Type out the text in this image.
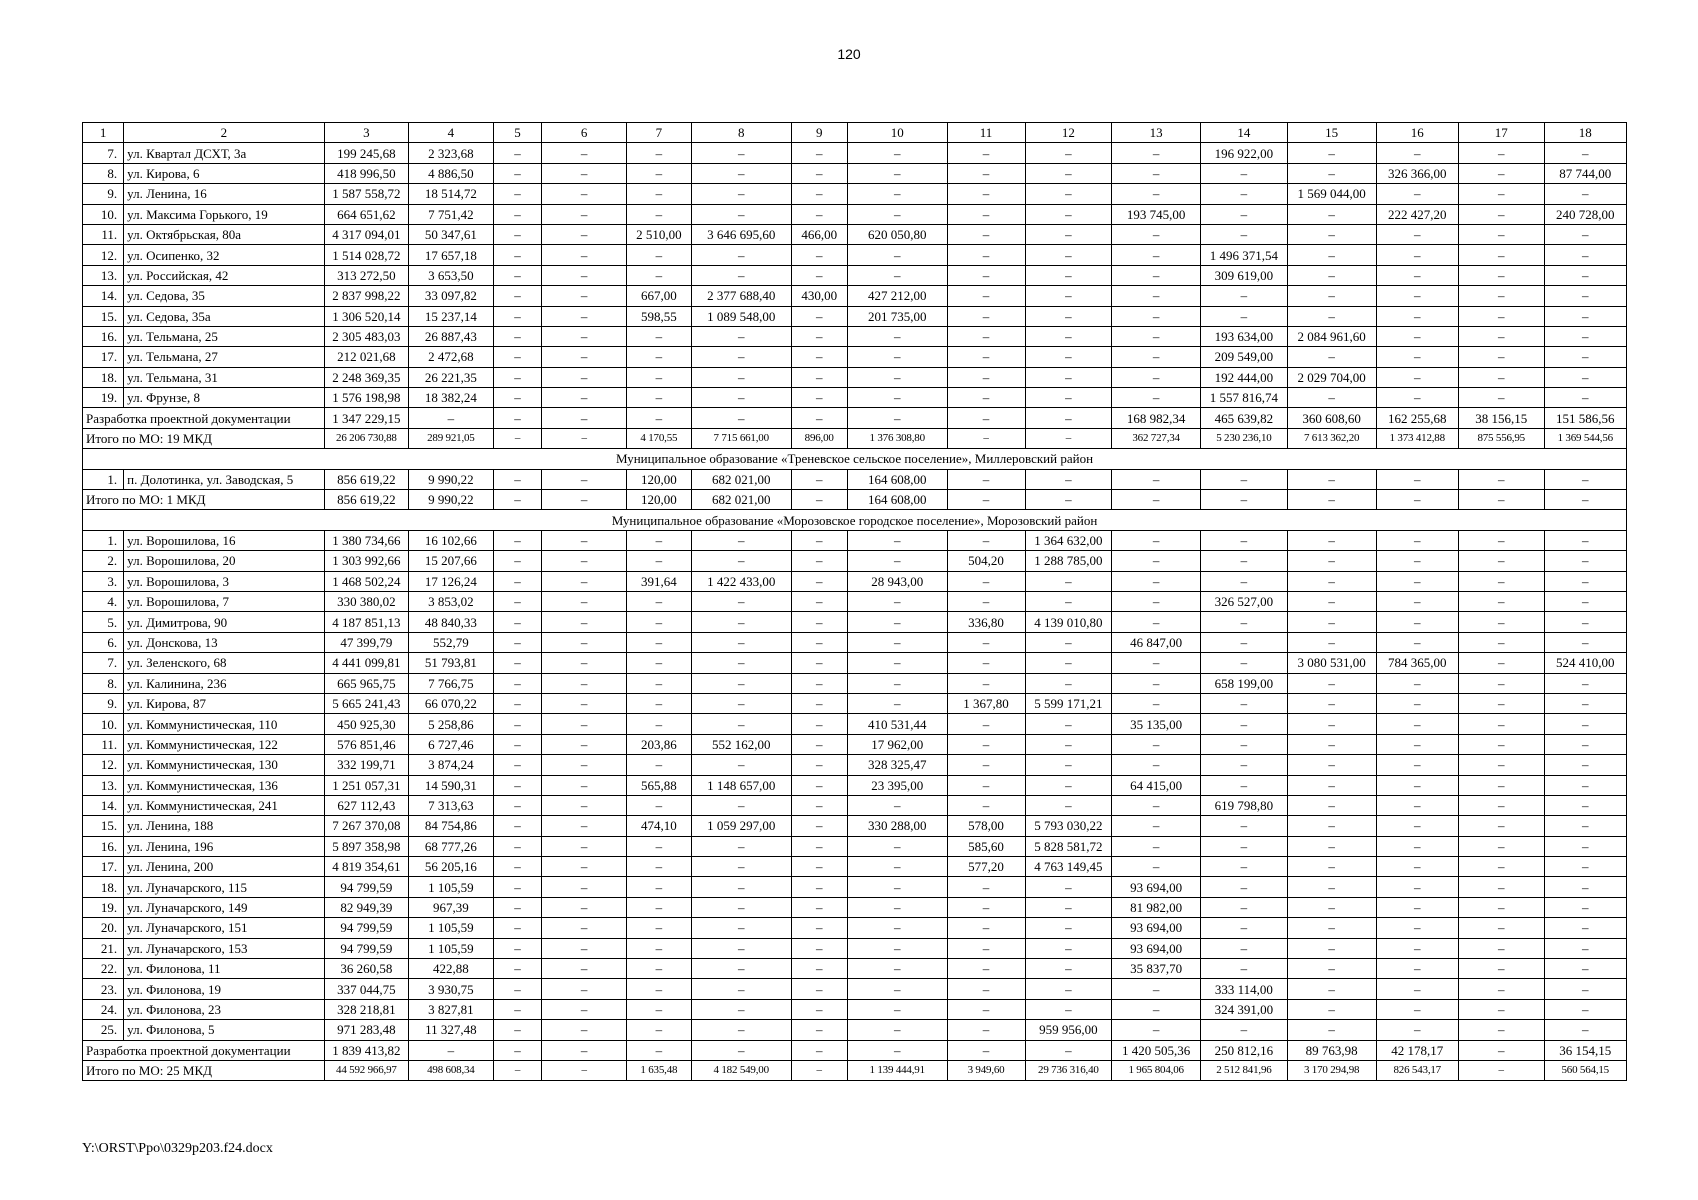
120
1	2	3	4	5	6	7	8	9	10	11	12	13	14	15	16	17	18
7.	ул. Квартал ДСХТ, 3а	199 245,68	2 323,68	–	–	–	–	–	–	–	–	–	196 922,00	–	–	–	–
8.	ул. Кирова, 6	418 996,50	4 886,50	–	–	–	–	–	–	–	–	–	–	–	326 366,00	–	87 744,00
9.	ул. Ленина, 16	1 587 558,72	18 514,72	–	–	–	–	–	–	–	–	–	–	1 569 044,00	–	–	–
10.	ул. Максима Горького, 19	664 651,62	7 751,42	–	–	–	–	–	–	–	–	193 745,00	–	–	222 427,20	–	240 728,00
11.	ул. Октябрьская, 80а	4 317 094,01	50 347,61	–	–	2 510,00	3 646 695,60	466,00	620 050,80	–	–	–	–	–	–	–	–
12.	ул. Осипенко, 32	1 514 028,72	17 657,18	–	–	–	–	–	–	–	–	–	1 496 371,54	–	–	–	–
13.	ул. Российская, 42	313 272,50	3 653,50	–	–	–	–	–	–	–	–	–	309 619,00	–	–	–	–
14.	ул. Седова, 35	2 837 998,22	33 097,82	–	–	667,00	2 377 688,40	430,00	427 212,00	–	–	–	–	–	–	–	–
15.	ул. Седова, 35а	1 306 520,14	15 237,14	–	–	598,55	1 089 548,00	–	201 735,00	–	–	–	–	–	–	–	–
16.	ул. Тельмана, 25	2 305 483,03	26 887,43	–	–	–	–	–	–	–	–	–	193 634,00	2 084 961,60	–	–	–
17.	ул. Тельмана, 27	212 021,68	2 472,68	–	–	–	–	–	–	–	–	–	209 549,00	–	–	–	–
18.	ул. Тельмана, 31	2 248 369,35	26 221,35	–	–	–	–	–	–	–	–	–	192 444,00	2 029 704,00	–	–	–
19.	ул. Фрунзе, 8	1 576 198,98	18 382,24	–	–	–	–	–	–	–	–	–	1 557 816,74	–	–	–	–
Разработка проектной документации		1 347 229,15	–	–	–	–	–	–	–	–	–	168 982,34	465 639,82	360 608,60	162 255,68	38 156,15	151 586,56
Итого по МО: 19 МКД		26 206 730,88	289 921,05	–	–	4 170,55	7 715 661,00	896,00	1 376 308,80	–	–	362 727,34	5 230 236,10	7 613 362,20	1 373 412,88	875 556,95	1 369 544,56
Муниципальное образование «Треневское сельское поселение», Миллеровский район																	
1.	п. Долотинка, ул. Заводская, 5	856 619,22	9 990,22	–	–	120,00	682 021,00	–	164 608,00	–	–	–	–	–	–	–	–
Итого по МО: 1 МКД		856 619,22	9 990,22	–	–	120,00	682 021,00	–	164 608,00	–	–	–	–	–	–	–	–
Муниципальное образование «Морозовское городское поселение», Морозовский район																	
1.	ул. Ворошилова, 16	1 380 734,66	16 102,66	–	–	–	–	–	–	–	1 364 632,00	–	–	–	–	–	–
2.	ул. Ворошилова, 20	1 303 992,66	15 207,66	–	–	–	–	–	–	504,20	1 288 785,00	–	–	–	–	–	–
3.	ул. Ворошилова, 3	1 468 502,24	17 126,24	–	–	391,64	1 422 433,00	–	28 943,00	–	–	–	–	–	–	–	–
4.	ул. Ворошилова, 7	330 380,02	3 853,02	–	–	–	–	–	–	–	–	–	326 527,00	–	–	–	–
5.	ул. Димитрова, 90	4 187 851,13	48 840,33	–	–	–	–	–	–	336,80	4 139 010,80	–	–	–	–	–	–
6.	ул. Донскова, 13	47 399,79	552,79	–	–	–	–	–	–	–	–	46 847,00	–	–	–	–	–
7.	ул. Зеленского, 68	4 441 099,81	51 793,81	–	–	–	–	–	–	–	–	–	–	3 080 531,00	784 365,00	–	524 410,00
8.	ул. Калинина, 236	665 965,75	7 766,75	–	–	–	–	–	–	–	–	–	658 199,00	–	–	–	–
9.	ул. Кирова, 87	5 665 241,43	66 070,22	–	–	–	–	–	–	1 367,80	5 599 171,21	–	–	–	–	–	–
10.	ул. Коммунистическая, 110	450 925,30	5 258,86	–	–	–	–	–	410 531,44	–	–	35 135,00	–	–	–	–	–
11.	ул. Коммунистическая, 122	576 851,46	6 727,46	–	–	203,86	552 162,00	–	17 962,00	–	–	–	–	–	–	–	–
12.	ул. Коммунистическая, 130	332 199,71	3 874,24	–	–	–	–	–	328 325,47	–	–	–	–	–	–	–	–
13.	ул. Коммунистическая, 136	1 251 057,31	14 590,31	–	–	565,88	1 148 657,00	–	23 395,00	–	–	64 415,00	–	–	–	–	–
14.	ул. Коммунистическая, 241	627 112,43	7 313,63	–	–	–	–	–	–	–	–	–	619 798,80	–	–	–	–
15.	ул. Ленина, 188	7 267 370,08	84 754,86	–	–	474,10	1 059 297,00	–	330 288,00	578,00	5 793 030,22	–	–	–	–	–	–
16.	ул. Ленина, 196	5 897 358,98	68 777,26	–	–	–	–	–	–	585,60	5 828 581,72	–	–	–	–	–	–
17.	ул. Ленина, 200	4 819 354,61	56 205,16	–	–	–	–	–	–	577,20	4 763 149,45	–	–	–	–	–	–
18.	ул. Луначарского, 115	94 799,59	1 105,59	–	–	–	–	–	–	–	–	93 694,00	–	–	–	–	–
19.	ул. Луначарского, 149	82 949,39	967,39	–	–	–	–	–	–	–	–	81 982,00	–	–	–	–	–
20.	ул. Луначарского, 151	94 799,59	1 105,59	–	–	–	–	–	–	–	–	93 694,00	–	–	–	–	–
21.	ул. Луначарского, 153	94 799,59	1 105,59	–	–	–	–	–	–	–	–	93 694,00	–	–	–	–	–
22.	ул. Филонова, 11	36 260,58	422,88	–	–	–	–	–	–	–	–	35 837,70	–	–	–	–	–
23.	ул. Филонова, 19	337 044,75	3 930,75	–	–	–	–	–	–	–	–	–	333 114,00	–	–	–	–
24.	ул. Филонова, 23	328 218,81	3 827,81	–	–	–	–	–	–	–	–	–	324 391,00	–	–	–	–
25.	ул. Филонова, 5	971 283,48	11 327,48	–	–	–	–	–	–	–	959 956,00	–	–	–	–	–	–
Разработка проектной документации		1 839 413,82	–	–	–	–	–	–	–	–	–	1 420 505,36	250 812,16	89 763,98	42 178,17	–	36 154,15
Итого по МО: 25 МКД		44 592 966,97	498 608,34	–	–	1 635,48	4 182 549,00	–	1 139 444,91	3 949,60	29 736 316,40	1 965 804,06	2 512 841,96	3 170 294,98	826 543,17	–	560 564,15
Y:\ORST\Ppo\0329p203.f24.docx
